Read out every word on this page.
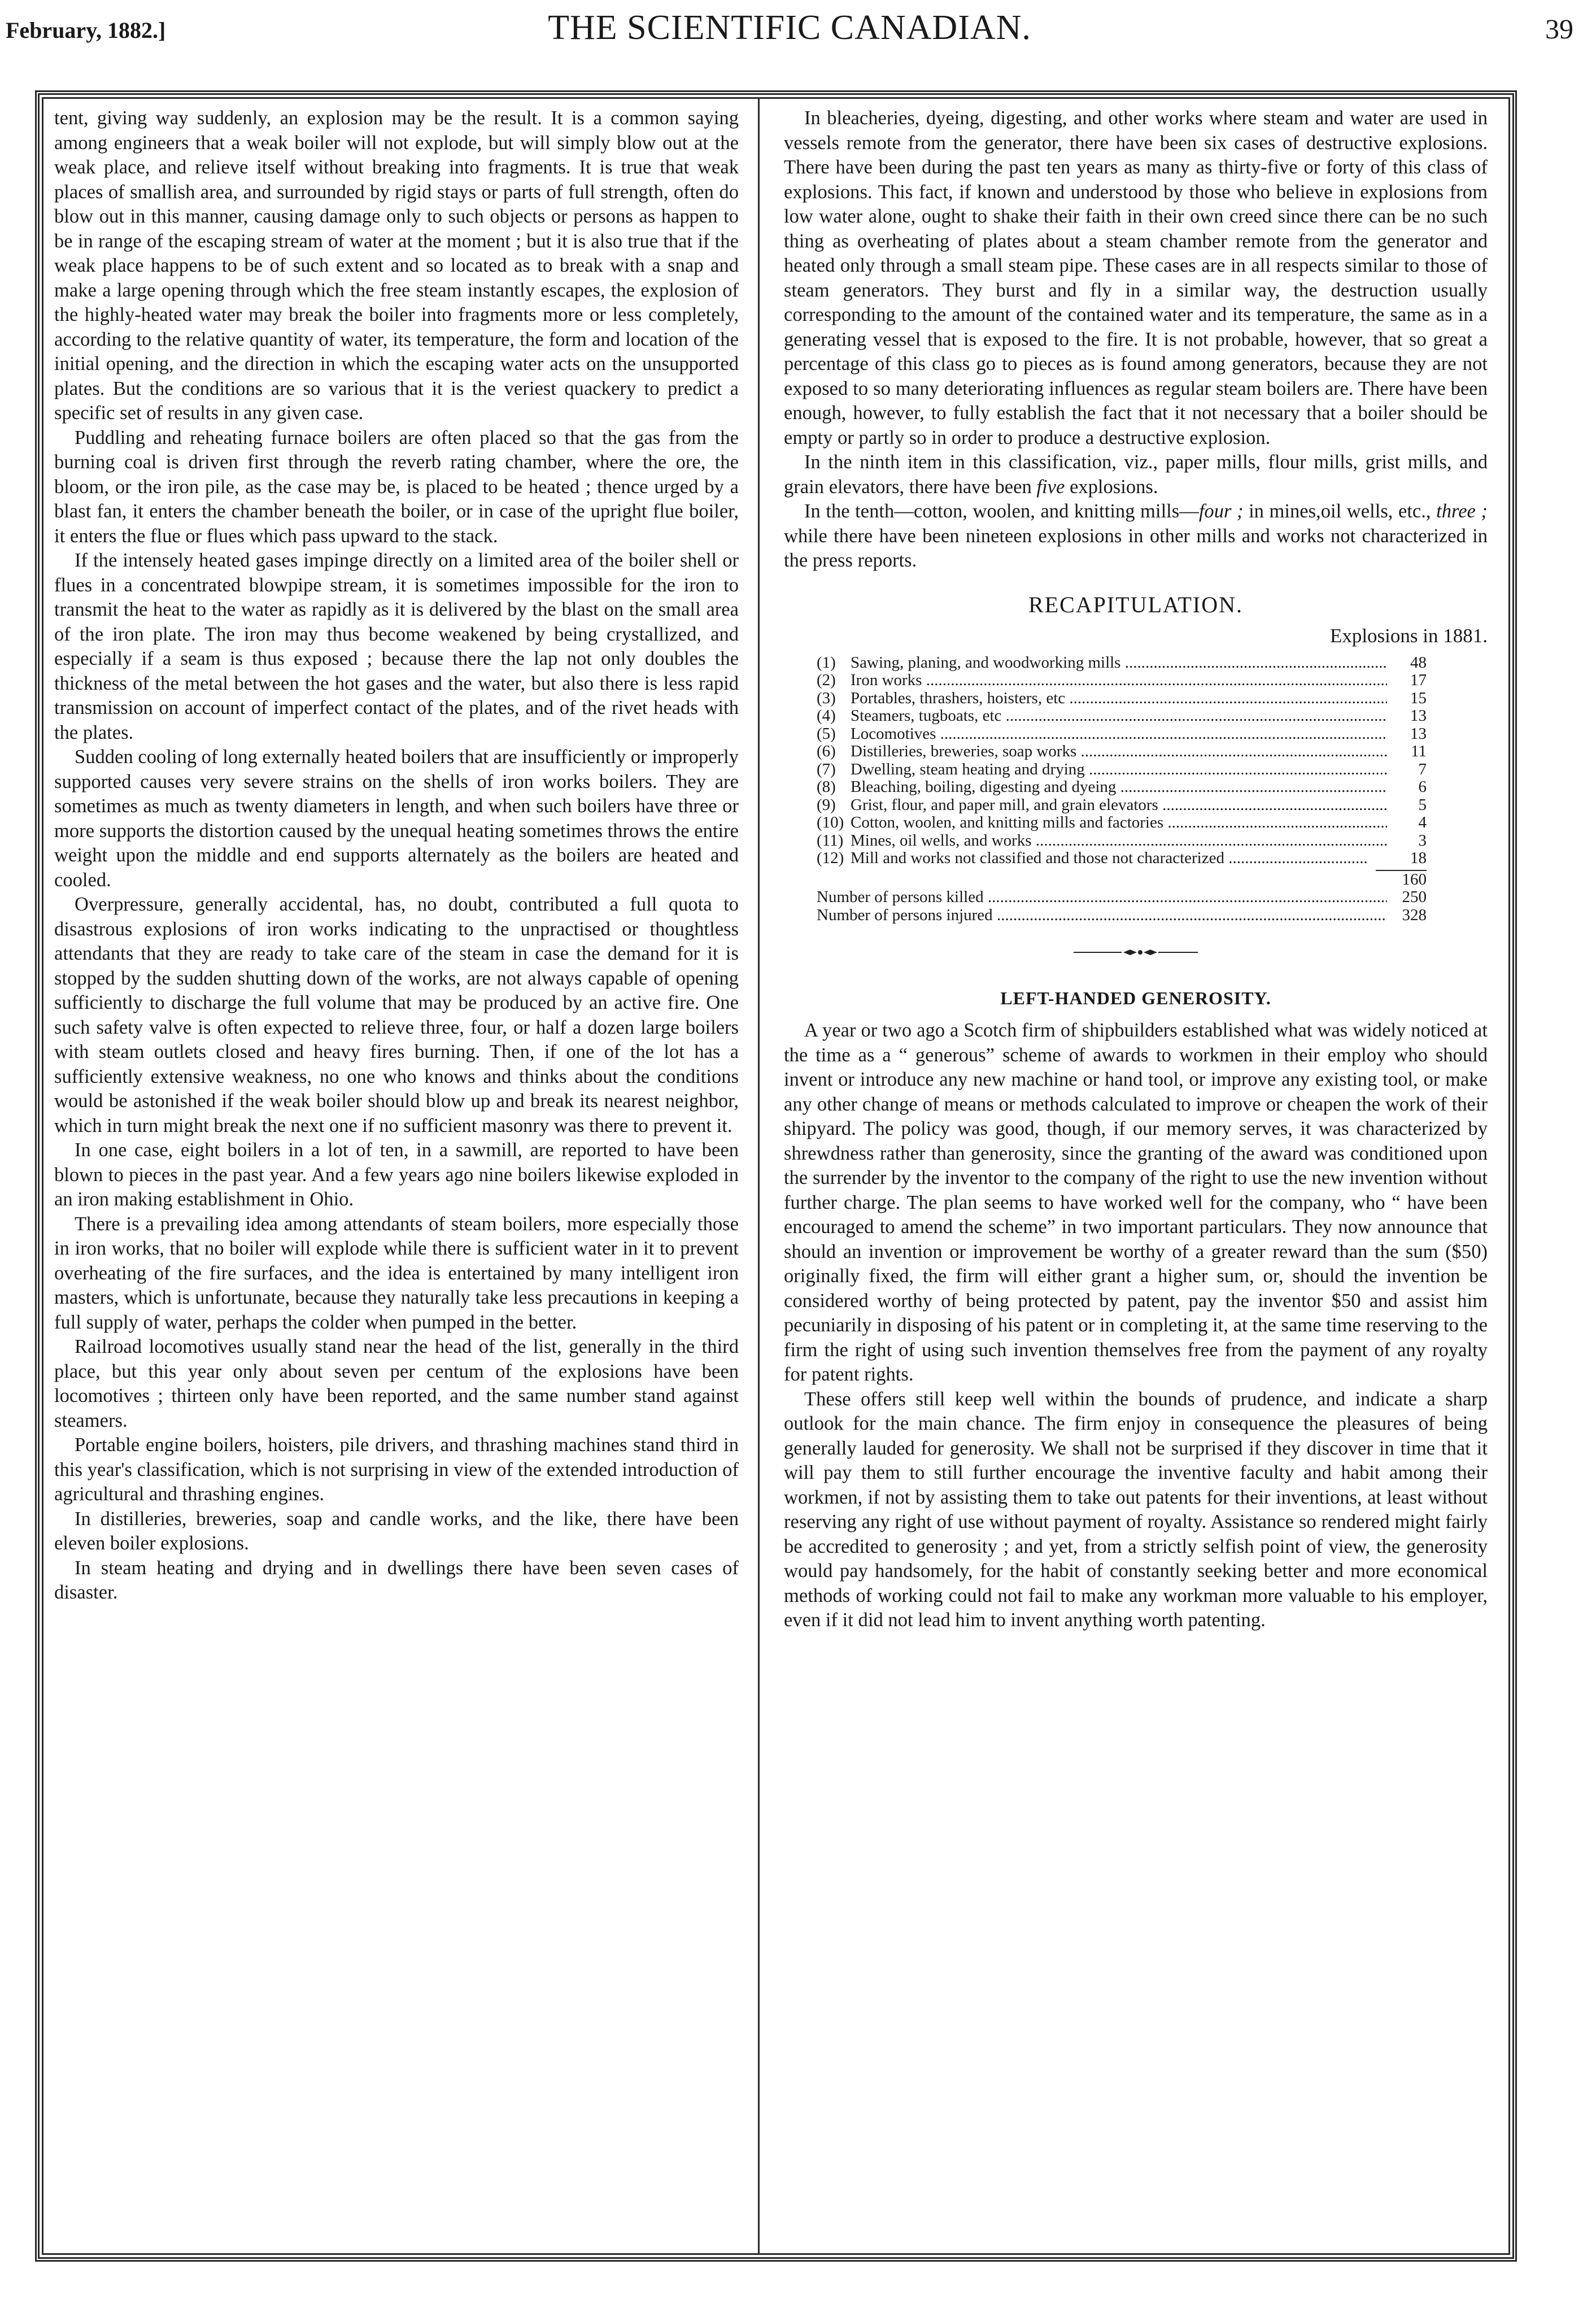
February, 1882.]	THE SCIENTIFIC CANADIAN.	39

tent, giving way suddenly, an explosion may be the result. It is a common saying among engineers that a weak boiler will not explode, but will simply blow out at the weak place, and relieve itself without breaking into fragments. It is true that weak places of smallish area, and surrounded by rigid stays or parts of full strength, often do blow out in this manner, causing damage only to such objects or persons as happen to be in range of the escaping stream of water at the moment ; but it is also true that if the weak place happens to be of such extent and so located as to break with a snap and make a large opening through which the free steam instantly escapes, the explosion of the highly-heated water may break the boiler into fragments more or less completely, according to the relative quantity of water, its temperature, the form and location of the initial opening, and the direction in which the escaping water acts on the unsupported plates. But the conditions are so various that it is the veriest quackery to predict a specific set of results in any given case.

Puddling and reheating furnace boilers are often placed so that the gas from the burning coal is driven first through the reverb rating chamber, where the ore, the bloom, or the iron pile, as the case may be, is placed to be heated ; thence urged by a blast fan, it enters the chamber beneath the boiler, or in case of the upright flue boiler, it enters the flue or flues which pass upward to the stack.

If the intensely heated gases impinge directly on a limited area of the boiler shell or flues in a concentrated blowpipe stream, it is sometimes impossible for the iron to transmit the heat to the water as rapidly as it is delivered by the blast on the small area of the iron plate. The iron may thus become weakened by being crystallized, and especially if a seam is thus exposed ; because there the lap not only doubles the thickness of the metal between the hot gases and the water, but also there is less rapid transmission on account of imperfect contact of the plates, and of the rivet heads with the plates.

Sudden cooling of long externally heated boilers that are insufficiently or improperly supported causes very severe strains on the shells of iron works boilers. They are sometimes as much as twenty diameters in length, and when such boilers have three or more supports the distortion caused by the unequal heating sometimes throws the entire weight upon the middle and end supports alternately as the boilers are heated and cooled.

Overpressure, generally accidental, has, no doubt, contributed a full quota to disastrous explosions of iron works indicating to the unpractised or thoughtless attendants that they are ready to take care of the steam in case the demand for it is stopped by the sudden shutting down of the works, are not always capable of opening sufficiently to discharge the full volume that may be produced by an active fire. One such safety valve is often expected to relieve three, four, or half a dozen large boilers with steam outlets closed and heavy fires burning. Then, if one of the lot has a sufficiently extensive weakness, no one who knows and thinks about the conditions would be astonished if the weak boiler should blow up and break its nearest neighbor, which in turn might break the next one if no sufficient masonry was there to prevent it.

In one case, eight boilers in a lot of ten, in a sawmill, are reported to have been blown to pieces in the past year. And a few years ago nine boilers likewise exploded in an iron making establishment in Ohio.

There is a prevailing idea among attendants of steam boilers, more especially those in iron works, that no boiler will explode while there is sufficient water in it to prevent overheating of the fire surfaces, and the idea is entertained by many intelligent iron masters, which is unfortunate, because they naturally take less precautions in keeping a full supply of water, perhaps the colder when pumped in the better.

Railroad locomotives usually stand near the head of the list, generally in the third place, but this year only about seven per centum of the explosions have been locomotives ; thirteen only have been reported, and the same number stand against steamers.

Portable engine boilers, hoisters, pile drivers, and thrashing machines stand third in this year's classification, which is not surprising in view of the extended introduction of agricultural and thrashing engines.

In distilleries, breweries, soap and candle works, and the like, there have been eleven boiler explosions.

In steam heating and drying and in dwellings there have been seven cases of disaster.

In bleacheries, dyeing, digesting, and other works where steam and water are used in vessels remote from the generator, there have been six cases of destructive explosions. There have been during the past ten years as many as thirty-five or forty of this class of explosions. This fact, if known and understood by those who believe in explosions from low water alone, ought to shake their faith in their own creed since there can be no such thing as overheating of plates about a steam chamber remote from the generator and heated only through a small steam pipe. These cases are in all respects similar to those of steam generators. They burst and fly in a similar way, the destruction usually corresponding to the amount of the contained water and its temperature, the same as in a generating vessel that is exposed to the fire. It is not probable, however, that so great a percentage of this class go to pieces as is found among generators, because they are not exposed to so many deteriorating influences as regular steam boilers are. There have been enough, however, to fully establish the fact that it not necessary that a boiler should be empty or partly so in order to produce a destructive explosion.

In the ninth item in this classification, viz., paper mills, flour mills, grist mills, and grain elevators, there have been five explosions.

In the tenth—cotton, woolen, and knitting mills—four ; in mines,oil wells, etc., three ; while there have been nineteen explosions in other mills and works not characterized in the press reports.

RECAPITULATION.
Explosions in 1881.
(1) Sawing, planing, and woodworking mills .....	48
(2) Iron works .....	17
(3) Portables, thrashers, hoisters, etc .....	15
(4) Steamers, tugboats, etc .....	13
(5) Locomotives .....	13
(6) Distilleries, breweries, soap works .....	11
(7) Dwelling, steam heating and drying .....	7
(8) Bleaching, boiling, digesting and dyeing .....	6
(9) Grist, flour, and paper mill, and grain elevators .....	5
(10) Cotton, woolen, and knitting mills and factories .....	4
(11) Mines, oil wells, and works .....	3
(12) Mill and works not classified and those not characterized ..................................	18
160
Number of persons killed .....	250
Number of persons injured .....	328
LEFT-HANDED GENEROSITY.

A year or two ago a Scotch firm of shipbuilders established what was widely noticed at the time as a “ generous” scheme of awards to workmen in their employ who should invent or introduce any new machine or hand tool, or improve any existing tool, or make any other change of means or methods calculated to improve or cheapen the work of their shipyard. The policy was good, though, if our memory serves, it was characterized by shrewdness rather than generosity, since the granting of the award was conditioned upon the surrender by the inventor to the company of the right to use the new invention without further charge. The plan seems to have worked well for the company, who “ have been encouraged to amend the scheme” in two important particulars. They now announce that should an invention or improvement be worthy of a greater reward than the sum ($50) originally fixed, the firm will either grant a higher sum, or, should the invention be considered worthy of being protected by patent, pay the inventor $50 and assist him pecuniarily in disposing of his patent or in completing it, at the same time reserving to the firm the right of using such invention themselves free from the payment of any royalty for patent rights.

These offers still keep well within the bounds of prudence, and indicate a sharp outlook for the main chance. The firm enjoy in consequence the pleasures of being generally lauded for generosity. We shall not be surprised if they discover in time that it will pay them to still further encourage the inventive faculty and habit among their workmen, if not by assisting them to take out patents for their inventions, at least without reserving any right of use without payment of royalty. Assistance so rendered might fairly be accredited to generosity ; and yet, from a strictly selfish point of view, the generosity would pay handsomely, for the habit of constantly seeking better and more economical methods of working could not fail to make any workman more valuable to his employer, even if it did not lead him to invent anything worth patenting.
